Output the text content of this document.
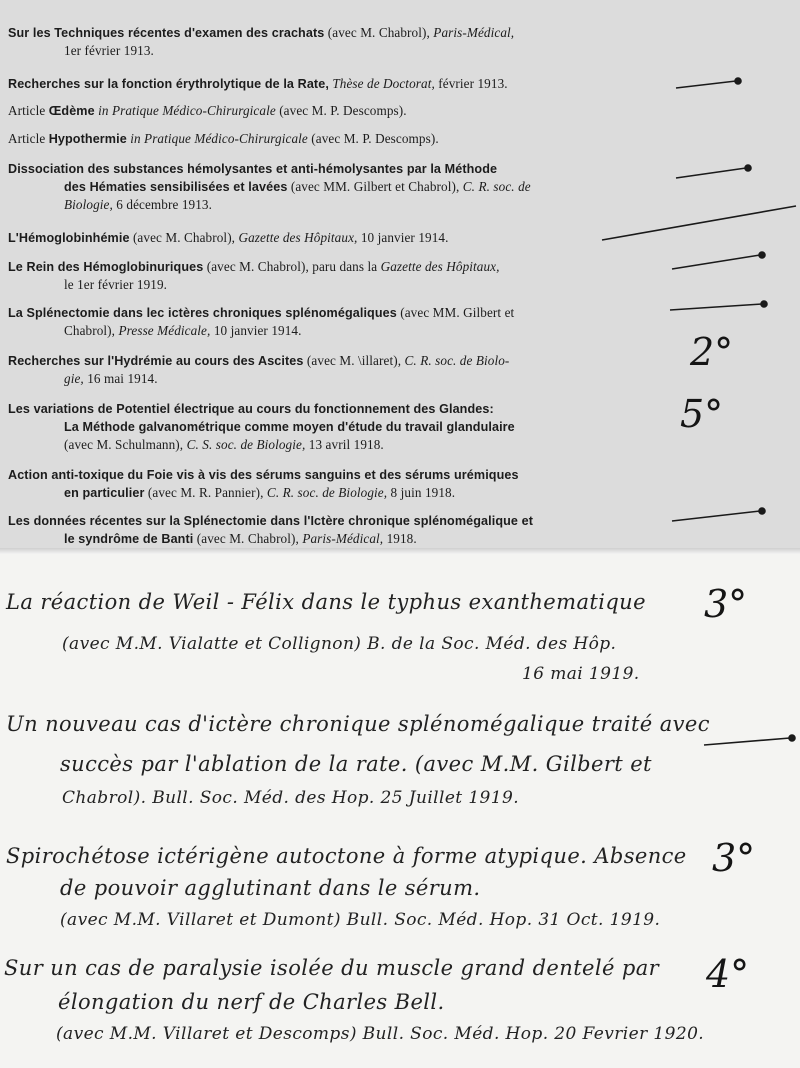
Sur les Techniques récentes d'examen des crachats (avec M. Chabrol), Paris-Médical,
1er février 1913.
Recherches sur la fonction érythrolytique de la Rate, Thèse de Doctorat, février 1913.
Article Œdème in Pratique Médico-Chirurgicale (avec M. P. Descomps).
Article Hypothermie in Pratique Médico-Chirurgicale (avec M. P. Descomps).
Dissociation des substances hémolysantes et anti-hémolysantes par la Méthode
des Hématies sensibilisées et lavées (avec MM. Gilbert et Chabrol), C. R. soc. de
Biologie, 6 décembre 1913.
L'Hémoglobinhémie (avec M. Chabrol), Gazette des Hôpitaux, 10 janvier 1914.
Le Rein des Hémoglobinuriques (avec M. Chabrol), paru dans la Gazette des Hôpitaux,
le 1er février 1919.
La Splénectomie dans lec ictères chroniques splénomégaliques (avec MM. Gilbert et
Chabrol), Presse Médicale, 10 janvier 1914.
Recherches sur l'Hydrémie au cours des Ascites (avec M. \illaret), C. R. soc. de Biolo-
gie, 16 mai 1914.
Les variations de Potentiel électrique au cours du fonctionnement des Glandes:
La Méthode galvanométrique comme moyen d'étude du travail glandulaire
(avec M. Schulmann), C. S. soc. de Biologie, 13 avril 1918.
Action anti-toxique du Foie vis à vis des sérums sanguins et des sérums urémiques
en particulier (avec M. R. Pannier), C. R. soc. de Biologie, 8 juin 1918.
Les données récentes sur la Splénectomie dans l'Ictère chronique splénomégalique et
le syndrôme de Banti (avec M. Chabrol), Paris-Médical, 1918.
La réaction de Weil - Félix dans le typhus exanthematique
(avec M.M. Vialatte et Collignon) B. de la Soc. Méd. des Hôp.
16 mai 1919.
Un nouveau cas d'ictère chronique splénomégalique traité avec
succès par l'ablation de la rate. (avec M.M. Gilbert et
Chabrol). Bull. Soc. Méd. des Hop. 25 Juillet 1919.
Spirochétose ictérigène autoctone à forme atypique. Absence
de pouvoir agglutinant dans le sérum.
(avec M.M. Villaret et Dumont) Bull. Soc. Méd. Hop. 31 Oct. 1919.
Sur un cas de paralysie isolée du muscle grand dentelé par
élongation du nerf de Charles Bell.
(avec M.M. Villaret et Descomps) Bull. Soc. Méd. Hop. 20 Fevrier 1920.
2°
5°
3°
3°
4°
